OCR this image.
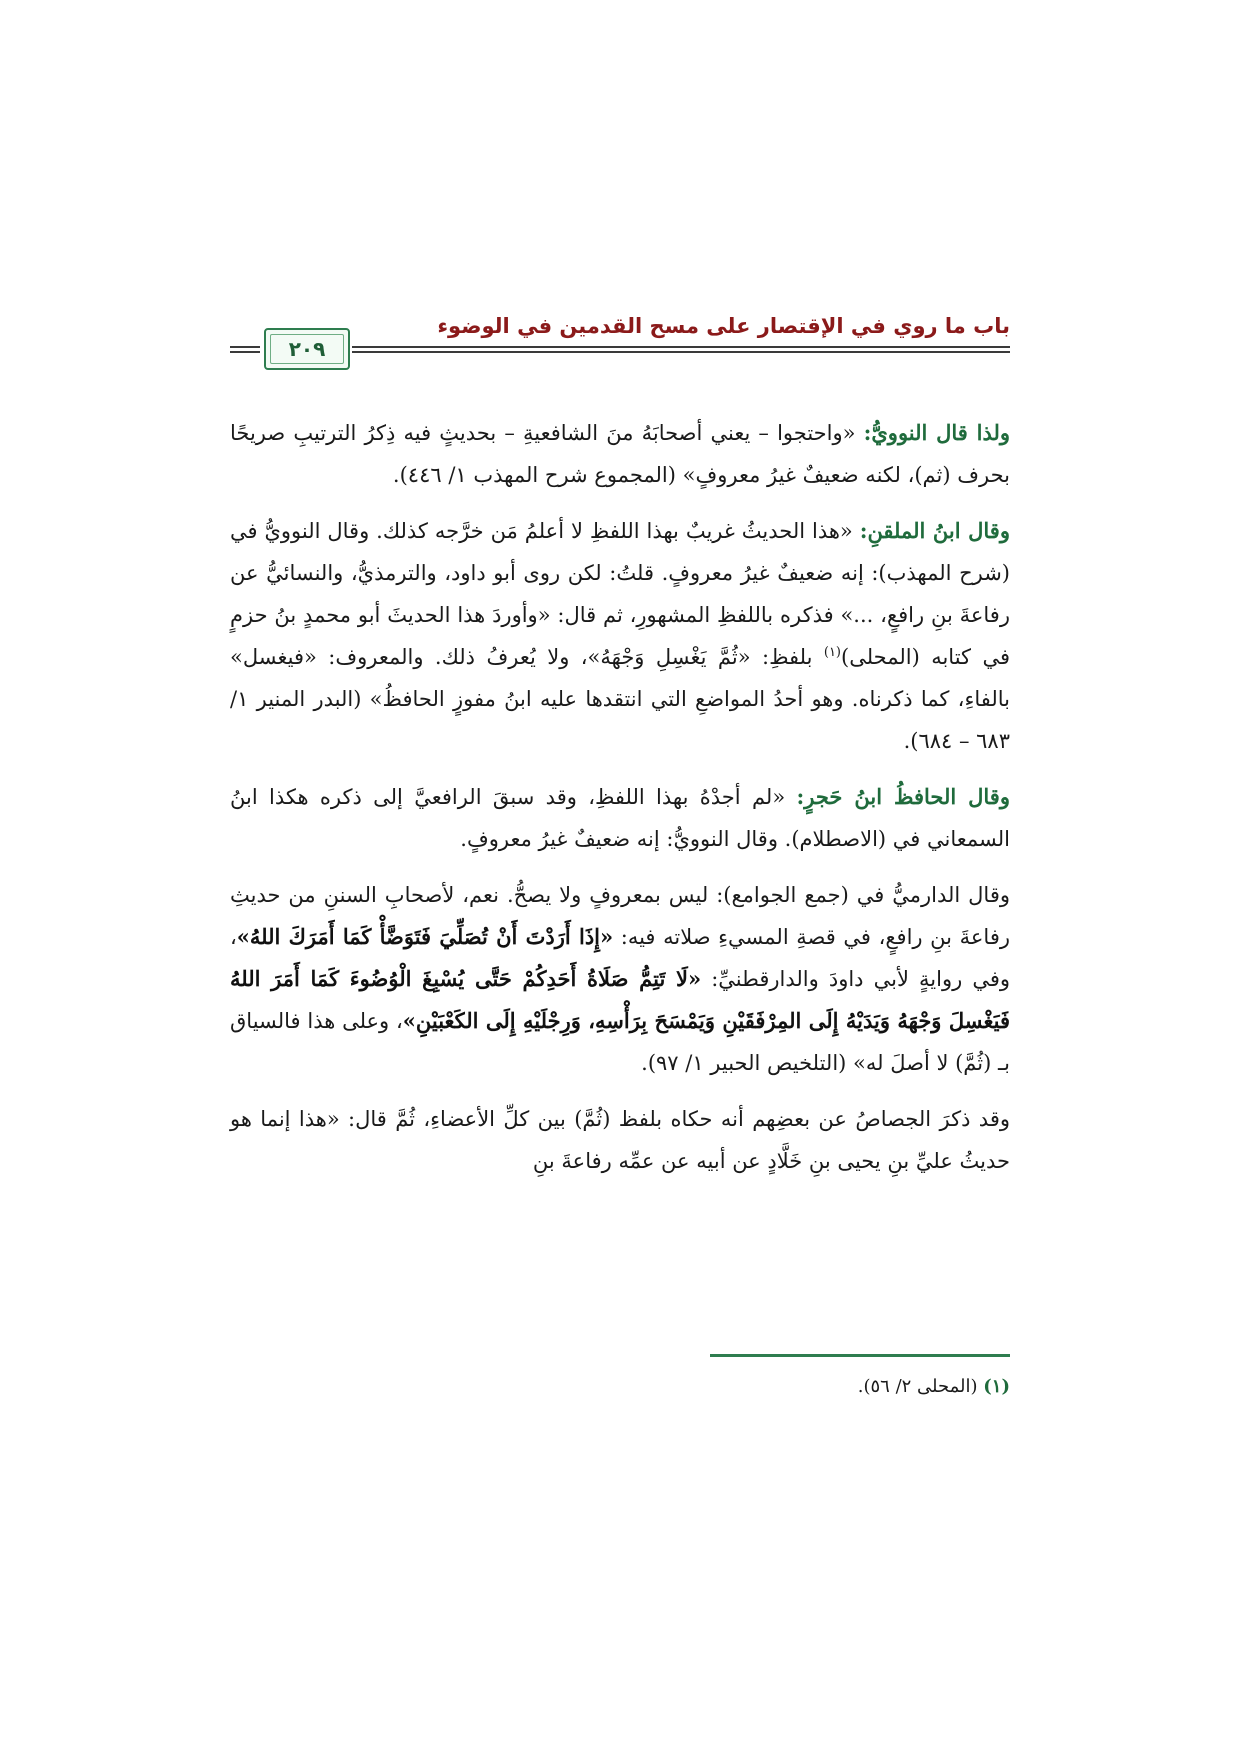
باب ما روي في الإقتصار على مسح القدمين في الوضوء
٢٠٩

ولذا قال النوويُّ: «واحتجوا – يعني أصحابَهُ منَ الشافعيةِ – بحديثٍ فيه ذِكرُ الترتيبِ صريحًا بحرف (ثم)، لكنه ضعيفٌ غيرُ معروفٍ» (المجموع شرح المهذب ١/ ٤٤٦).

وقال ابنُ الملقنِ: «هذا الحديثُ غريبٌ بهذا اللفظِ لا أعلمُ مَن خرَّجه كذلك. وقال النوويُّ في (شرح المهذب): إنه ضعيفٌ غيرُ معروفٍ. قلتُ: لكن روى أبو داود، والترمذيُّ، والنسائيُّ عن رفاعةَ بنِ رافعٍ، ...» فذكره باللفظِ المشهورِ، ثم قال: «وأوردَ هذا الحديثَ أبو محمدٍ بنُ حزمٍ في كتابه (المحلى)$^{(١)}$ بلفظِ: «ثُمَّ يَغْسِلِ وَجْهَهُ»، ولا يُعرفُ ذلك. والمعروف: «فيغسل» بالفاءِ، كما ذكرناه. وهو أحدُ المواضعِ التي انتقدها عليه ابنُ مفوزٍ الحافظُ» (البدر المنير ١/ ٦٨٣ – ٦٨٤).

وقال الحافظُ ابنُ حَجرٍ: «لم أجدْهُ بهذا اللفظِ، وقد سبقَ الرافعيَّ إلى ذكره هكذا ابنُ السمعاني في (الاصطلام). وقال النوويُّ: إنه ضعيفٌ غيرُ معروفٍ.

وقال الدارميُّ في (جمع الجوامع): ليس بمعروفٍ ولا يصحُّ. نعم، لأصحابِ السننِ من حديثِ رفاعةَ بنِ رافعٍ، في قصةِ المسيءِ صلاته فيه: «إِذَا أَرَدْتَ أَنْ تُصَلِّيَ فَتَوَضَّأْ كَمَا أَمَرَكَ اللهُ»، وفي روايةٍ لأبي داودَ والدارقطنيِّ: «لَا تَتِمُّ صَلَاةُ أَحَدِكُمْ حَتَّى يُسْبِغَ الْوُضُوءَ كَمَا أَمَرَ اللهُ فَيَغْسِلَ وَجْهَهُ وَيَدَيْهُ إِلَى المِرْفَقَيْنِ وَيَمْسَحَ بِرَأْسِهِ، وَرِجْلَيْهِ إِلَى الكَعْبَيْنِ»، وعلى هذا فالسياق بـ (ثُمَّ) لا أصلَ له» (التلخيص الحبير ١/ ٩٧).

وقد ذكرَ الجصاصُ عن بعضِهم أنه حكاه بلفظ (ثُمَّ) بين كلِّ الأعضاءِ، ثُمَّ قال: «هذا إنما هو حديثُ عليِّ بنِ يحيى بنِ خَلَّادٍ عن أبيه عن عمِّه رفاعةَ بنِ

(١) (المحلى ٢/ ٥٦).
